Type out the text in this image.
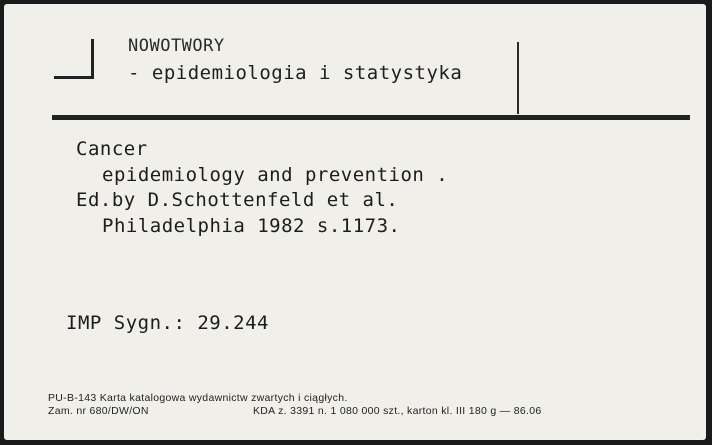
NOWOTWORY
- epidemiologia i statystyka
Cancer
epidemiology and prevention .
Ed.by D.Schottenfeld et al.
Philadelphia 1982 s.1173.
IMP Sygn.: 29.244
PU-B-143 Karta katalogowa wydawnictw zwartych i ciągłych.
Zam. nr 680/DW/ON	KDA z. 3391 n. 1 080 000 szt., karton kl. III 180 g — 86.06
